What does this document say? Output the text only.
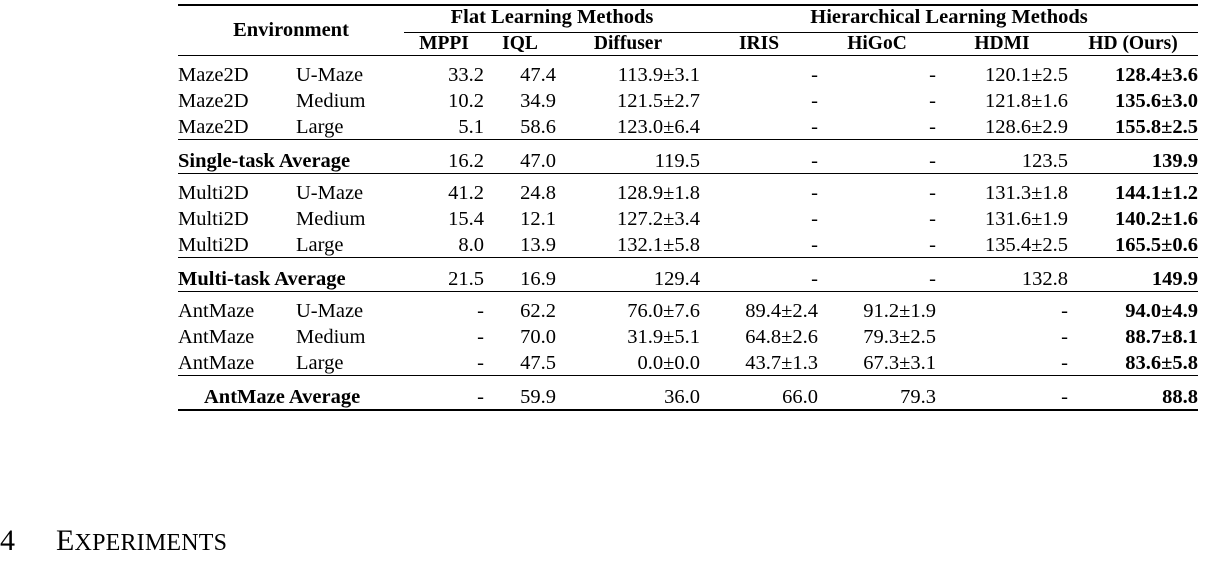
Environment		Flat Learning Methods			Hierarchical Learning Methods			

		MPPI	IQL	Diffuser	IRIS	HiGoC	HDMI	HD (Ours)

Maze2D	U-Maze	33.2	47.4	113.9±3.1	-	-	120.1±2.5	128.4±3.6
Maze2D	Medium	10.2	34.9	121.5±2.7	-	-	121.8±1.6	135.6±3.0
Maze2D	Large	5.1	58.6	123.0±6.4	-	-	128.6±2.9	155.8±2.5

Single-task Average		16.2	47.0	119.5	-	-	123.5	139.9

Multi2D	U-Maze	41.2	24.8	128.9±1.8	-	-	131.3±1.8	144.1±1.2
Multi2D	Medium	15.4	12.1	127.2±3.4	-	-	131.6±1.9	140.2±1.6
Multi2D	Large	8.0	13.9	132.1±5.8	-	-	135.4±2.5	165.5±0.6

Multi-task Average		21.5	16.9	129.4	-	-	132.8	149.9

AntMaze	U-Maze	-	62.2	76.0±7.6	89.4±2.4	91.2±1.9	-	94.0±4.9
AntMaze	Medium	-	70.0	31.9±5.1	64.8±2.6	79.3±2.5	-	88.7±8.1
AntMaze	Large	-	47.5	0.0±0.0	43.7±1.3	67.3±3.1	-	83.6±5.8

AntMaze Average		-	59.9	36.0	66.0	79.3	-	88.8

4 EXPERIMENTS
